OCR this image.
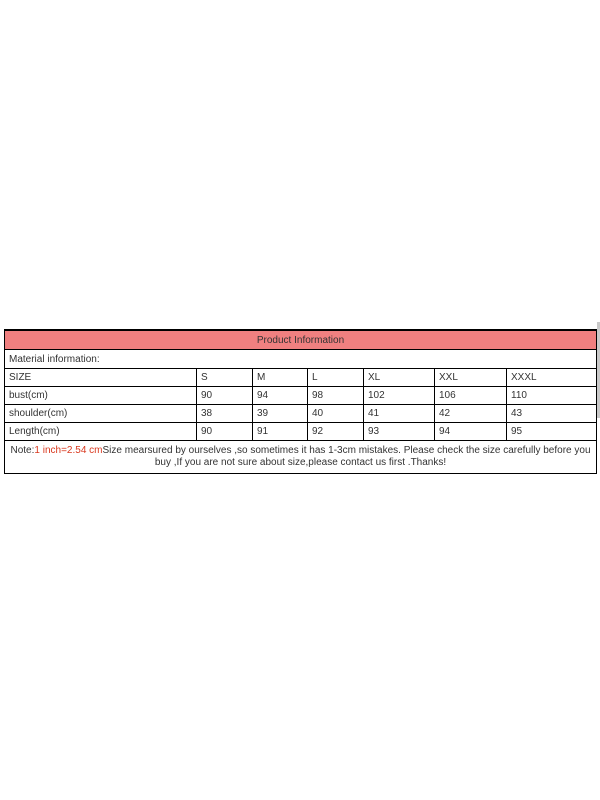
Product Information						
Material information:						
SIZE	S	M	L	XL	XXL	XXXL
bust(cm)	90	94	98	102	106	110
shoulder(cm)	38	39	40	41	42	43
Length(cm)	90	91	92	93	94	95
Note:1 inch=2.54 cmSize mearsured by ourselves ,so sometimes it has 1-3cm mistakes. Please check the size carefully before you buy ,If you are not sure about size,please contact us first .Thanks!						
